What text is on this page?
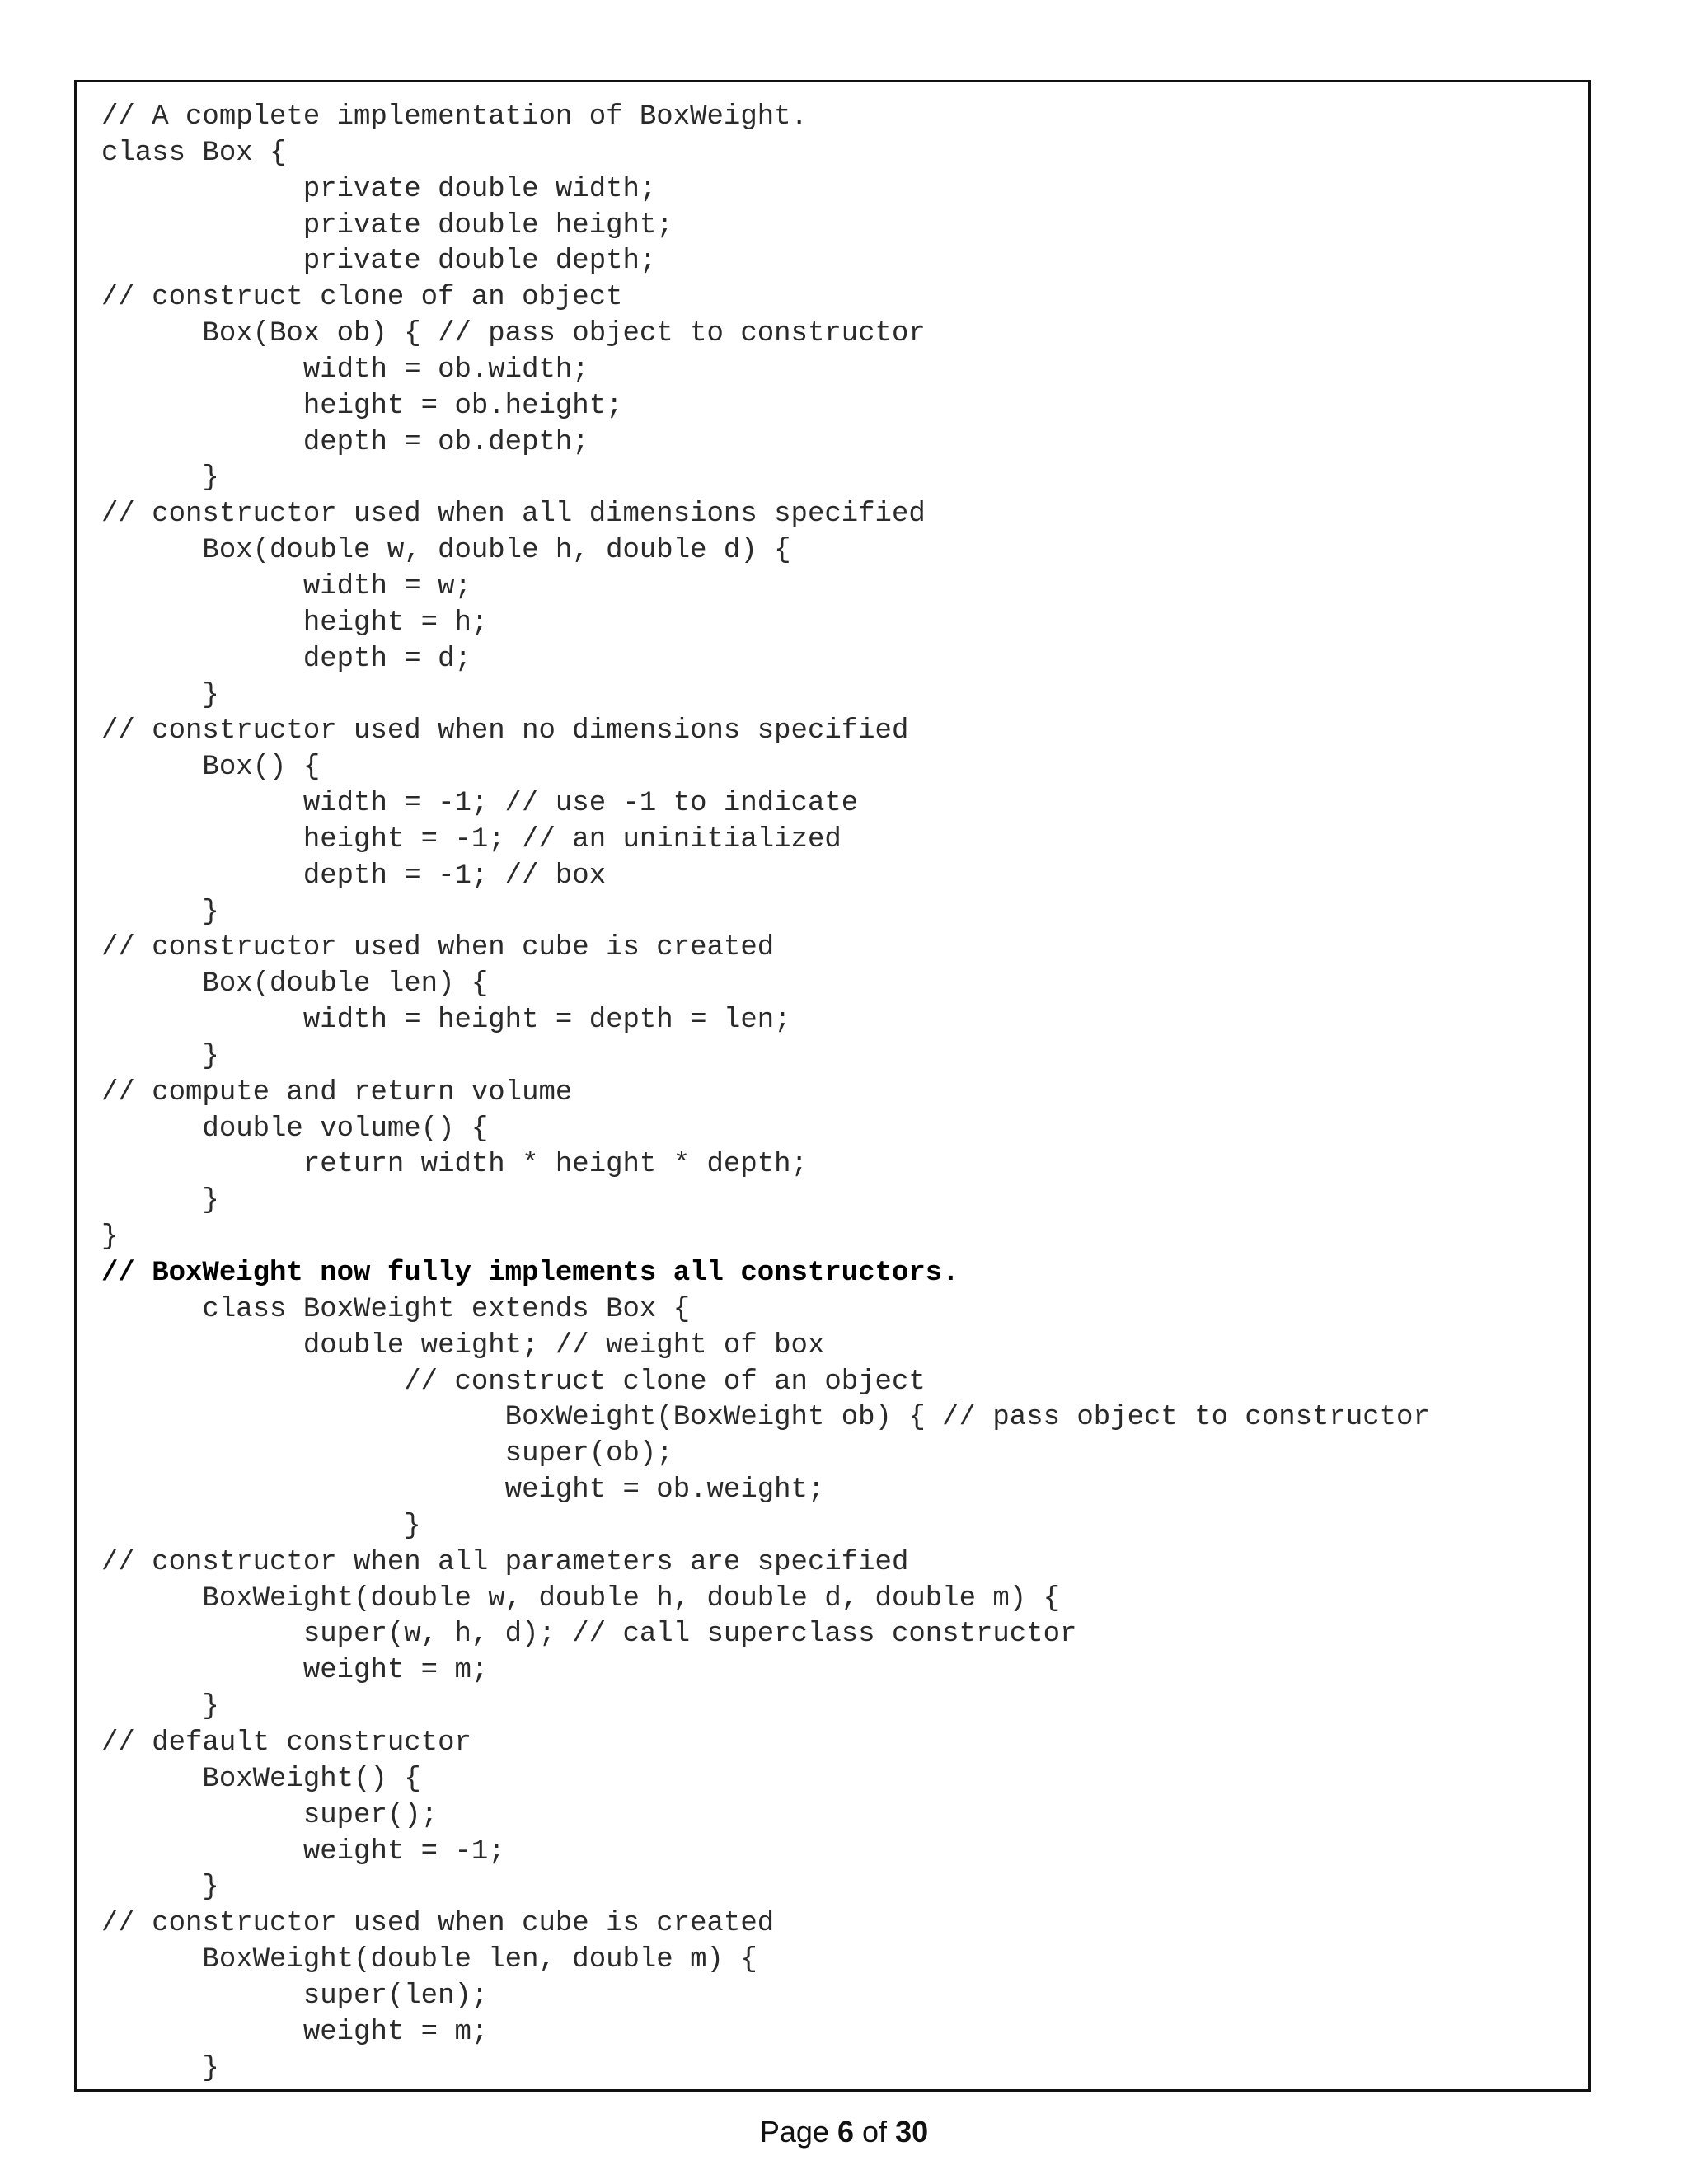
// A complete implementation of BoxWeight.
class Box {
private double width;
private double height;
private double depth;
// construct clone of an object
Box(Box ob) { // pass object to constructor
width = ob.width;
height = ob.height;
depth = ob.depth;
}
// constructor used when all dimensions specified
Box(double w, double h, double d) {
width = w;
height = h;
depth = d;
}
// constructor used when no dimensions specified
Box() {
width = -1; // use -1 to indicate
height = -1; // an uninitialized
depth = -1; // box
}
// constructor used when cube is created
Box(double len) {
width = height = depth = len;
}
// compute and return volume
double volume() {
return width * height * depth;
}
}
// BoxWeight now fully implements all constructors.
class BoxWeight extends Box {
double weight; // weight of box
// construct clone of an object
BoxWeight(BoxWeight ob) { // pass object to constructor
super(ob);
weight = ob.weight;
}
// constructor when all parameters are specified
BoxWeight(double w, double h, double d, double m) {
super(w, h, d); // call superclass constructor
weight = m;
}
// default constructor
BoxWeight() {
super();
weight = -1;
}
// constructor used when cube is created
BoxWeight(double len, double m) {
super(len);
weight = m;
}
Page 6 of 30
